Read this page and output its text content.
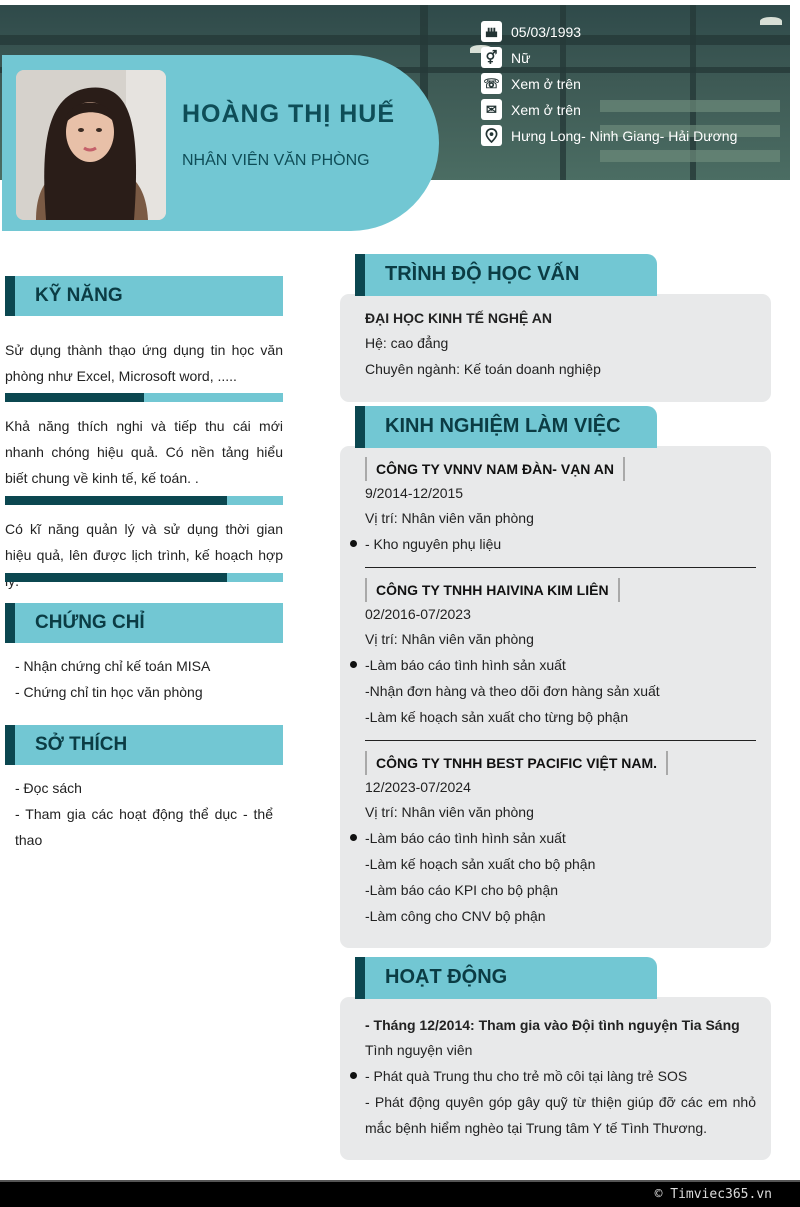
HOÀNG THỊ HUẾ
NHÂN VIÊN VĂN PHÒNG
05/03/1993
⚥ Nữ
☏ Xem ở trên
✉	Xem ở trên
Hưng Long- Ninh Giang- Hải Dương
KỸ NĂNG
Sử dụng thành thạo ứng dụng tin học văn phòng như Excel, Microsoft word, .....
Khả năng thích nghi và tiếp thu cái mới nhanh chóng hiệu quả. Có nền tảng hiểu biết chung về kinh tế, kế toán. .
Có kĩ năng quản lý và sử dụng thời gian hiệu quả, lên được lịch trình, kế hoạch hợp
CHỨNG CHỈ
- Nhận chứng chỉ kế toán MISA
- Chứng chỉ tin học văn phòng
SỞ THÍCH
- Đọc sách
- Tham gia các hoạt động thể dục - thể thao
TRÌNH ĐỘ HỌC VẤN
ĐẠI HỌC KINH TẾ NGHỆ AN
Hệ: cao đẳng
Chuyên ngành: Kế toán doanh nghiệp
KINH NGHIỆM LÀM VIỆC
CÔNG TY VNNV NAM ĐÀN- VẠN AN
9/2014-12/2015
Vị trí: Nhân viên văn phòng
- Kho nguyên phụ liệu
CÔNG TY TNHH HAIVINA KIM LIÊN
02/2016-07/2023
Vị trí: Nhân viên văn phòng
-Làm báo cáo tình hình sản xuất
-Nhận đơn hàng và theo dõi đơn hàng sản xuất
-Làm kế hoạch sản xuất cho từng bộ phận
CÔNG TY TNHH BEST PACIFIC VIỆT NAM.
12/2023-07/2024
Vị trí: Nhân viên văn phòng
-Làm báo cáo tình hình sản xuất
-Làm kế hoạch sản xuất cho bộ phận
-Làm báo cáo KPI cho bộ phận
-Làm công cho CNV bộ phận
HOẠT ĐỘNG
- Tháng 12/2014: Tham gia vào Đội tình nguyện Tia Sáng
Tình nguyện viên
- Phát quà Trung thu cho trẻ mồ côi tại làng trẻ SOS
- Phát động quyên góp gây quỹ từ thiện giúp đỡ các em nhỏ mắc bệnh hiểm nghèo tại Trung tâm Y tế Tình Thương.
© Timviec365.vn
